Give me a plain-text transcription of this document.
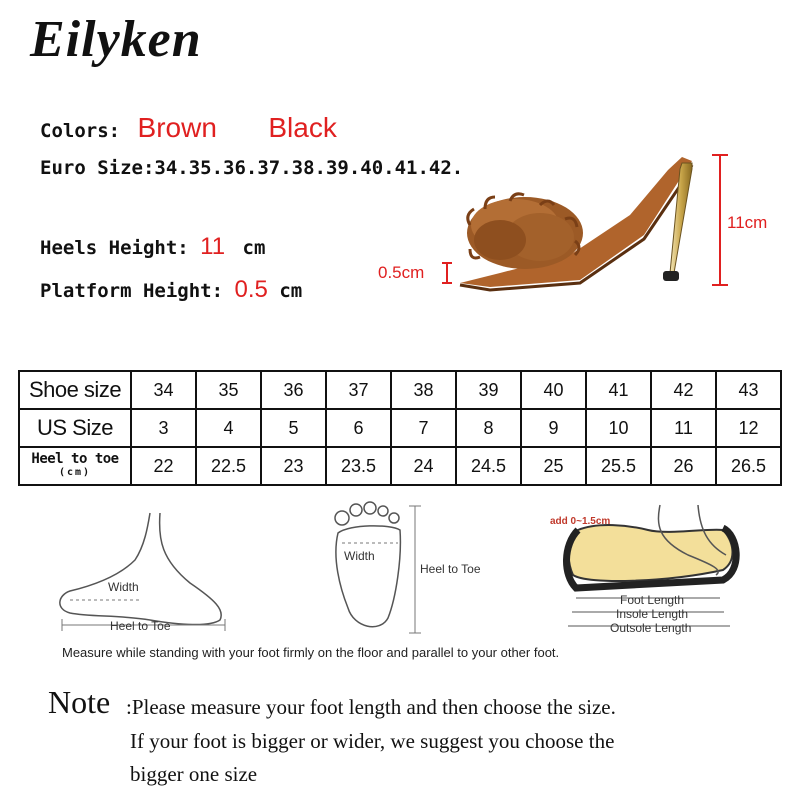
Eilyken
Colors: Brown Black
Euro Size:34.35.36.37.38.39.40.41.42.
Heels Height: 11 cm
Platform Height: 0.5 cm
11cm
0.5cm
Shoe size	34	35	36	37	38	39	40	41	42	43
US Size	3	4	5	6	7	8	9	10	11	12
Heel to toe
(cm)	22	22.5	23	23.5	24	24.5	25	25.5	26	26.5
Width
Heel to Toe
Width
Heel to Toe
add 0~1.5cm
Foot Length
Insole Length
Outsole Length
Measure while standing with your foot firmly on the floor and parallel to your other foot.
Note :Please measure your foot length and then choose the size.
If your foot is bigger or wider, we suggest you choose the
bigger one size
